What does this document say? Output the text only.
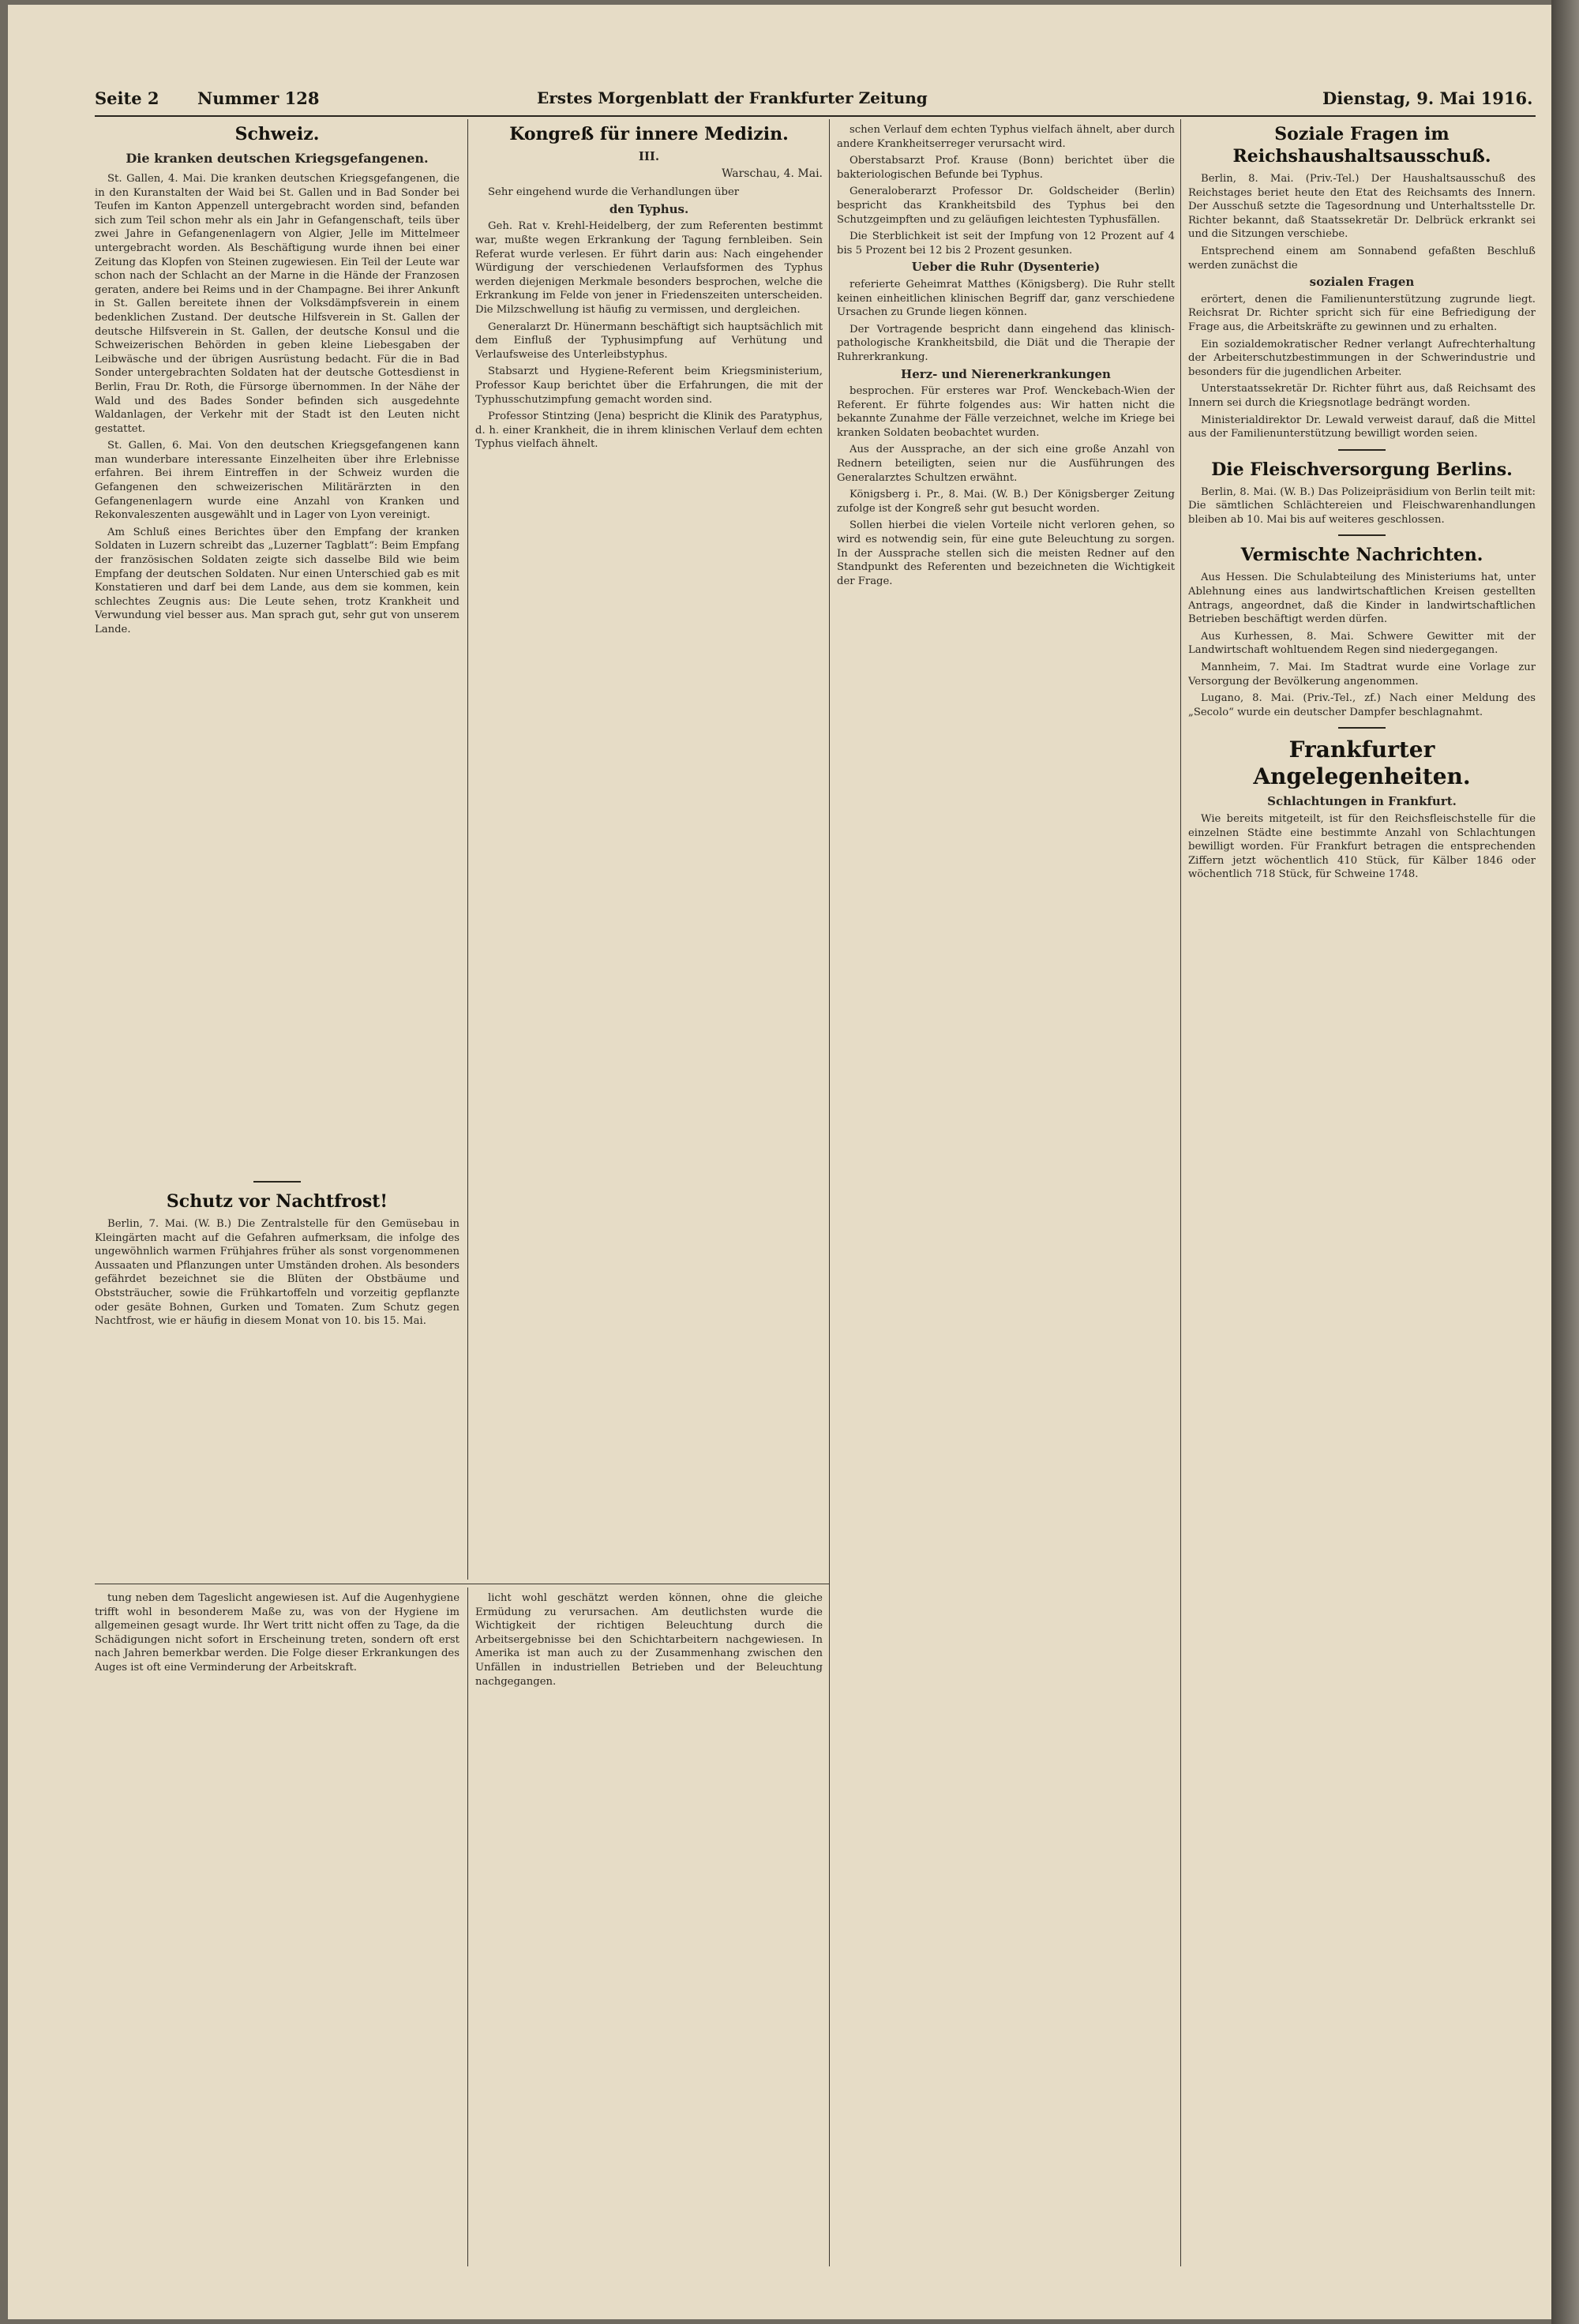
Seite 2 Nummer 128	Erstes Morgenblatt der Frankfurter Zeitung	Dienstag, 9. Mai 1916.
Schweiz.
Die kranken deutschen Kriegsgefangenen.

St. Gallen, 4. Mai. Die kranken deutschen Kriegsgefangenen, die in den Kuranstalten der Waid bei St. Gallen und in Bad Sonder bei Teufen im Kanton Appenzell untergebracht worden sind, befanden sich zum Teil schon mehr als ein Jahr in Gefangenschaft, teils über zwei Jahre in Gefangenenlagern von Algier, Jelle im Mittelmeer untergebracht worden. Als Beschäftigung wurde ihnen bei einer Zeitung das Klopfen von Steinen zugewiesen. Ein Teil der Leute war schon nach der Schlacht an der Marne in die Hände der Franzosen geraten, andere bei Reims und in der Champagne. Bei ihrer Ankunft in St. Gallen bereitete ihnen der Volksdämpfsverein in einem bedenklichen Zustand. Der deutsche Hilfsverein in St. Gallen der deutsche Hilfsverein in St. Gallen, der deutsche Konsul und die Schweizerischen Behörden in geben kleine Liebesgaben der Leibwäsche und der übrigen Ausrüstung bedacht. Für die in Bad Sonder untergebrachten Soldaten hat der deutsche Gottesdienst in Berlin, Frau Dr. Roth, die Fürsorge übernommen. In der Nähe der Wald und des Bades Sonder befinden sich ausgedehnte Waldanlagen, der Verkehr mit der Stadt ist den Leuten nicht gestattet.

St. Gallen, 6. Mai. Von den deutschen Kriegsgefangenen kann man wunderbare interessante Einzelheiten über ihre Erlebnisse erfahren. Bei ihrem Eintreffen in der Schweiz wurden die Gefangenen den schweizerischen Militärärzten in den Gefangenenlagern wurde eine Anzahl von Kranken und Rekonvaleszenten ausgewählt und in Lager von Lyon vereinigt.

Am Schluß eines Berichtes über den Empfang der kranken Soldaten in Luzern schreibt das „Luzerner Tagblatt“: Beim Empfang der französischen Soldaten zeigte sich dasselbe Bild wie beim Empfang der deutschen Soldaten. Nur einen Unterschied gab es mit Konstatieren und darf bei dem Lande, aus dem sie kommen, kein schlechtes Zeugnis aus: Die Leute sehen, trotz Krankheit und Verwundung viel besser aus. Man sprach gut, sehr gut von unserem Lande.

Schutz vor Nachtfrost!

Berlin, 7. Mai. (W. B.) Die Zentralstelle für den Gemüsebau in Kleingärten macht auf die Gefahren aufmerksam, die infolge des ungewöhnlich warmen Frühjahres früher als sonst vorgenommenen Aussaaten und Pflanzungen unter Umständen drohen. Als besonders gefährdet bezeichnet sie die Blüten der Obstbäume und Obststräucher, sowie die Frühkartoffeln und vorzeitig gepflanzte oder gesäte Bohnen, Gurken und Tomaten. Zum Schutz gegen Nachtfrost, wie er häufig in diesem Monat von 10. bis 15. Mai.

Kongreß für innere Medizin.
III.
Warschau, 4. Mai.

Sehr eingehend wurde die Verhandlungen über

den Typhus.

Geh. Rat v. Krehl-Heidelberg, der zum Referenten bestimmt war, mußte wegen Erkrankung der Tagung fernbleiben. Sein Referat wurde verlesen. Er führt darin aus: Nach eingehender Würdigung der verschiedenen Verlaufsformen des Typhus werden diejenigen Merkmale besonders besprochen, welche die Erkrankung im Felde von jener in Friedenszeiten unterscheiden. Die Milzschwellung ist häufig zu vermissen, und dergleichen.

Generalarzt Dr. Hünermann beschäftigt sich hauptsächlich mit dem Einfluß der Typhusimpfung auf Verhütung und Verlaufsweise des Unterleibstyphus.

Stabsarzt und Hygiene-Referent beim Kriegsministerium, Professor Kaup berichtet über die Erfahrungen, die mit der Typhusschutzimpfung gemacht worden sind.

Professor Stintzing (Jena) bespricht die Klinik des Paratyphus, d. h. einer Krankheit, die in ihrem klinischen Verlauf dem echten Typhus vielfach ähnelt.

schen Verlauf dem echten Typhus vielfach ähnelt, aber durch andere Krankheitserreger verursacht wird.

Oberstabsarzt Prof. Krause (Bonn) berichtet über die bakteriologischen Befunde bei Typhus.

Generaloberarzt Professor Dr. Goldscheider (Berlin) bespricht das Krankheitsbild des Typhus bei den Schutzgeimpften und zu geläufigen leichtesten Typhusfällen.

Die Sterblichkeit ist seit der Impfung von 12 Prozent auf 4 bis 5 Prozent bei 12 bis 2 Prozent gesunken.

Ueber die Ruhr (Dysenterie)

referierte Geheimrat Matthes (Königsberg). Die Ruhr stellt keinen einheitlichen klinischen Begriff dar, ganz verschiedene Ursachen zu Grunde liegen können.

Der Vortragende bespricht dann eingehend das klinisch-pathologische Krankheitsbild, die Diät und die Therapie der Ruhrerkrankung.

Herz- und Nierenerkrankungen

besprochen. Für ersteres war Prof. Wenckebach-Wien der Referent. Er führte folgendes aus: Wir hatten nicht die bekannte Zunahme der Fälle verzeichnet, welche im Kriege bei kranken Soldaten beobachtet wurden.

Aus der Aussprache, an der sich eine große Anzahl von Rednern beteiligten, seien nur die Ausführungen des Generalarztes Schultzen erwähnt.

Königsberg i. Pr., 8. Mai. (W. B.) Der Königsberger Zeitung zufolge ist der Kongreß sehr gut besucht worden.

Sollen hierbei die vielen Vorteile nicht verloren gehen, so wird es notwendig sein, für eine gute Beleuchtung zu sorgen. In der Aussprache stellen sich die meisten Redner auf den Standpunkt des Referenten und bezeichneten die Wichtigkeit der Frage.

Soziale Fragen im Reichshaushaltsausschuß.

Berlin, 8. Mai. (Priv.-Tel.) Der Haushaltsausschuß des Reichstages beriet heute den Etat des Reichsamts des Innern. Der Ausschuß setzte die Tagesordnung und Unterhaltsstelle Dr. Richter bekannt, daß Staatssekretär Dr. Delbrück erkrankt sei und die Sitzungen verschiebe.

Entsprechend einem am Sonnabend gefaßten Beschluß werden zunächst die

sozialen Fragen

erörtert, denen die Familienunterstützung zugrunde liegt. Reichsrat Dr. Richter spricht sich für eine Befriedigung der Frage aus, die Arbeitskräfte zu gewinnen und zu erhalten.

Ein sozialdemokratischer Redner verlangt Aufrechterhaltung der Arbeiterschutzbestimmungen in der Schwerindustrie und besonders für die jugendlichen Arbeiter.

Unterstaatssekretär Dr. Richter führt aus, daß Reichsamt des Innern sei durch die Kriegsnotlage bedrängt worden.

Ministerialdirektor Dr. Lewald verweist darauf, daß die Mittel aus der Familienunterstützung bewilligt worden seien.

Die Fleischversorgung Berlins.

Berlin, 8. Mai. (W. B.) Das Polizeipräsidium von Berlin teilt mit: Die sämtlichen Schlächtereien und Fleischwarenhandlungen bleiben ab 10. Mai bis auf weiteres geschlossen.

Vermischte Nachrichten.

Aus Hessen. Die Schulabteilung des Ministeriums hat, unter Ablehnung eines aus landwirtschaftlichen Kreisen gestellten Antrags, angeordnet, daß die Kinder in landwirtschaftlichen Betrieben beschäftigt werden dürfen.

Aus Kurhessen, 8. Mai. Schwere Gewitter mit der Landwirtschaft wohltuendem Regen sind niedergegangen.

Mannheim, 7. Mai. Im Stadtrat wurde eine Vorlage zur Versorgung der Bevölkerung angenommen.

Lugano, 8. Mai. (Priv.-Tel., zf.) Nach einer Meldung des „Secolo“ wurde ein deutscher Dampfer beschlagnahmt.

Frankfurter Angelegenheiten.
Schlachtungen in Frankfurt.

Wie bereits mitgeteilt, ist für den Reichsfleischstelle für die einzelnen Städte eine bestimmte Anzahl von Schlachtungen bewilligt worden. Für Frankfurt betragen die entsprechenden Ziffern jetzt wöchentlich 410 Stück, für Kälber 1846 oder wöchentlich 718 Stück, für Schweine 1748.

tung neben dem Tageslicht angewiesen ist. Auf die Augenhygiene trifft wohl in besonderem Maße zu, was von der Hygiene im allgemeinen gesagt wurde. Ihr Wert tritt nicht offen zu Tage, da die Schädigungen nicht sofort in Erscheinung treten, sondern oft erst nach Jahren bemerkbar werden. Die Folge dieser Erkrankungen des Auges ist oft eine Verminderung der Arbeitskraft.

licht wohl geschätzt werden können, ohne die gleiche Ermüdung zu verursachen. Am deutlichsten wurde die Wichtigkeit der richtigen Beleuchtung durch die Arbeitsergebnisse bei den Schichtarbeitern nachgewiesen. In Amerika ist man auch zu der Zusammenhang zwischen den Unfällen in industriellen Betrieben und der Beleuchtung nachgegangen.
